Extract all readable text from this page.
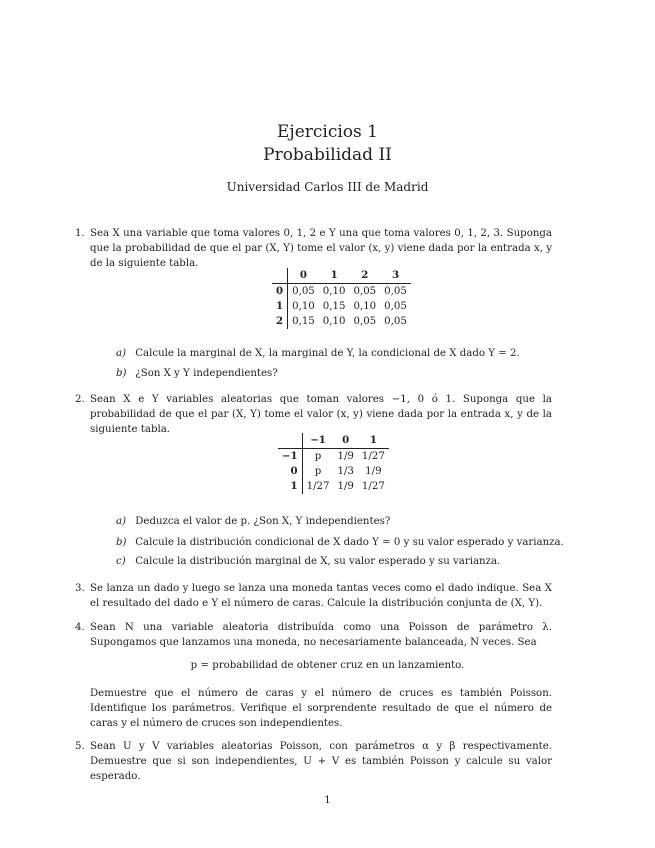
Ejercicios 1
Probabilidad II
Universidad Carlos III de Madrid
1. Sea X una variable que toma valores 0, 1, 2 e Y una que toma valores 0, 1, 2, 3. Suponga que la probabilidad de que el par (X, Y) tome el valor (x, y) viene dada por la entrada x, y de la siguiente tabla.

	0	1	2	3
0	0,05	0,10	0,05	0,05
1	0,10	0,15	0,10	0,05
2	0,15	0,10	0,05	0,05
a) Calcule la marginal de X, la marginal de Y, la condicional de X dado Y = 2.
b) ¿Son X y Y independientes?
2. Sean X e Y variables aleatorias que toman valores −1, 0 ó 1. Suponga que la probabilidad de que el par (X, Y) tome el valor (x, y) viene dada por la entrada x, y de la siguiente tabla.

	−1	0	1
−1	p	1/9	1/27
0	p	1/3	1/9
1	1/27	1/9	1/27
a) Deduzca el valor de p. ¿Son X, Y independientes?
b) Calcule la distribución condicional de X dado Y = 0 y su valor esperado y varianza.
c) Calcule la distribución marginal de X, su valor esperado y su varianza.
3. Se lanza un dado y luego se lanza una moneda tantas veces como el dado indique. Sea X el resultado del dado e Y el número de caras. Calcule la distribución conjunta de (X, Y).

4. Sean N una variable aleatoria distribuída como una Poisson de parámetro λ. Supongamos que lanzamos una moneda, no necesariamente balanceada, N veces. Sea

p = probabilidad de obtener cruz en un lanzamiento.

Demuestre que el número de caras y el número de cruces es también Poisson. Identifique los parámetros. Verifique el sorprendente resultado de que el número de caras y el número de cruces son independientes.

5. Sean U y V variables aleatorias Poisson, con parámetros α y β respectivamente. Demuestre que si son independientes, U + V es también Poisson y calcule su valor esperado.

1
